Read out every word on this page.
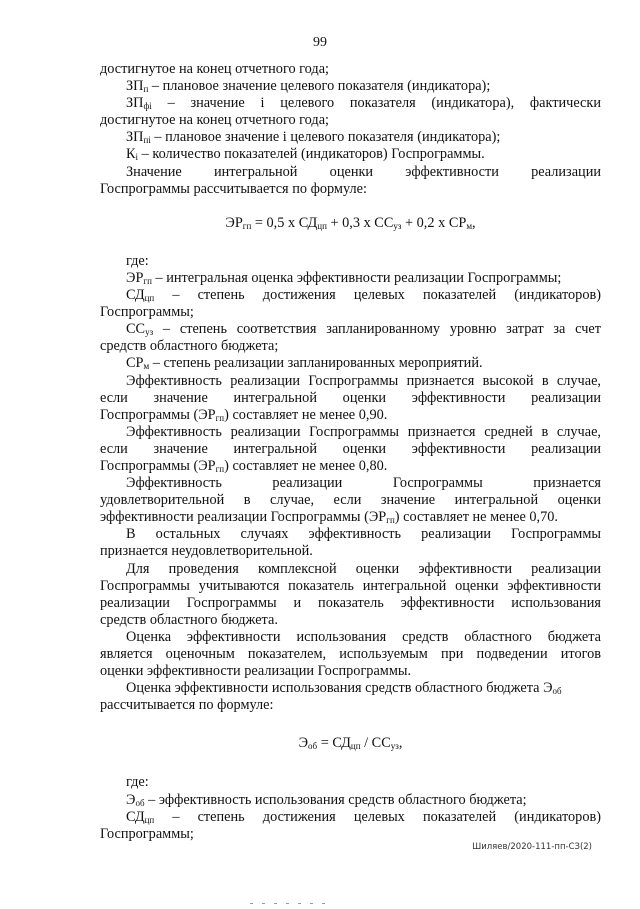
99

достигнутое на конец отчетного года;

$ЗП_п$ – плановое значение целевого показателя (индикатора);

$ЗП_{фi}$ – значение i целевого показателя (индикатора), фактически

достигнутое на конец отчетного года;

$ЗП_{пi}$ – плановое значение i целевого показателя (индикатора);

$К_i$ – количество показателей (индикаторов) Госпрограммы.

Значение интегральной оценки эффективности реализации

Госпрограммы рассчитывается по формуле:

$ЭР_{гп} = 0,5$ х $СД_{цп} + 0,3$ х $СС_{уз} + 0,2$ х $СР_м$,

где:

$ЭР_{гп}$ – интегральная оценка эффективности реализации Госпрограммы;

$СД_{цп}$ – степень достижения целевых показателей (индикаторов)

Госпрограммы;

$СС_{уз}$ – степень соответствия запланированному уровню затрат за счет

средств областного бюджета;

$СР_м$ – степень реализации запланированных мероприятий.

Эффективность реализации Госпрограммы признается высокой в случае,

если значение интегральной оценки эффективности реализации

Госпрограммы $(ЭР_{гп})$ составляет не менее 0,90.

Эффективность реализации Госпрограммы признается средней в случае,

если значение интегральной оценки эффективности реализации

Госпрограммы $(ЭР_{гп})$ составляет не менее 0,80.

Эффективность реализации Госпрограммы признается

удовлетворительной в случае, если значение интегральной оценки

эффективности реализации Госпрограммы $(ЭР_{гп})$ составляет не менее 0,70.

В остальных случаях эффективность реализации Госпрограммы

признается неудовлетворительной.

Для проведения комплексной оценки эффективности реализации

Госпрограммы учитываются показатель интегральной оценки эффективности

реализации Госпрограммы и показатель эффективности использования

средств областного бюджета.

Оценка эффективности использования средств областного бюджета

является оценочным показателем, используемым при подведении итогов

оценки эффективности реализации Госпрограммы.

Оценка эффективности использования средств областного бюджета $Э_{об}$

рассчитывается по формуле:

$Э_{об} = СД_{цп} / СС_{уз}$,

где:

$Э_{об}$ – эффективность использования средств областного бюджета;

$СД_{цп}$ – степень достижения целевых показателей (индикаторов)

Госпрограммы;

Шиляев/2020-111-пп-СЗ(2)
